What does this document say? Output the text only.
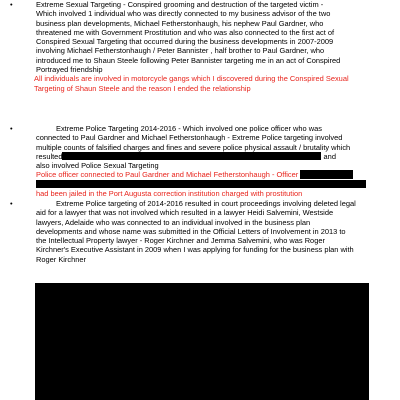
•	Extreme Sexual Targeting - Conspired grooming and destruction of the targeted victim -

Which involved 1 individual who was directly connected to my business advisor of the two

business plan developments, Michael Fetherstonhaugh, his nephew Paul Gardner, who

threatened me with Government Prostitution and who was also connected to the first act of

Conspired Sexual Targeting that occurred during the business developments in 2007-2009

involving Michael Fetherstonhaugh / Peter Bannister , half brother to Paul Gardner, who

introduced me to Shaun Steele following Peter Bannister targeting me in an act of Conspired

Portrayed friendship

All individuals are involved in motorcycle gangs which I discovered during the Conspired Sexual

Targeting of Shaun Steele and the reason I ended the relationship

•	Extreme Police Targeting 2014-2016 - Which involved one police officer who was

connected to Paul Gardner and Michael Fetherstonhaugh - Extreme Police targeting involved

multiple counts of falsified charges and fines and severe police physical assault / brutality which

resulted	and

also involved Police Sexual Targeting

Police officer connected to Paul Gardner and Michael Fetherstonhaugh - Officer

had been jailed in the Port Augusta correction institution charged with prostitution

•	Extreme Police targeting of 2014-2016 resulted in court proceedings involving deleted legal

aid for a lawyer that was not involved which resulted in a lawyer Heidi Salvemini, Westside

lawyers, Adelaide who was connected to an individual involved in the business plan

developments and whose name was submitted in the Official Letters of Involvement in 2013 to

the Intellectual Property lawyer - Roger Kirchner and Jemma Salvemini, who was Roger

Kirchner's Executive Assistant in 2009 when I was applying for funding for the business plan with

Roger Kirchner
